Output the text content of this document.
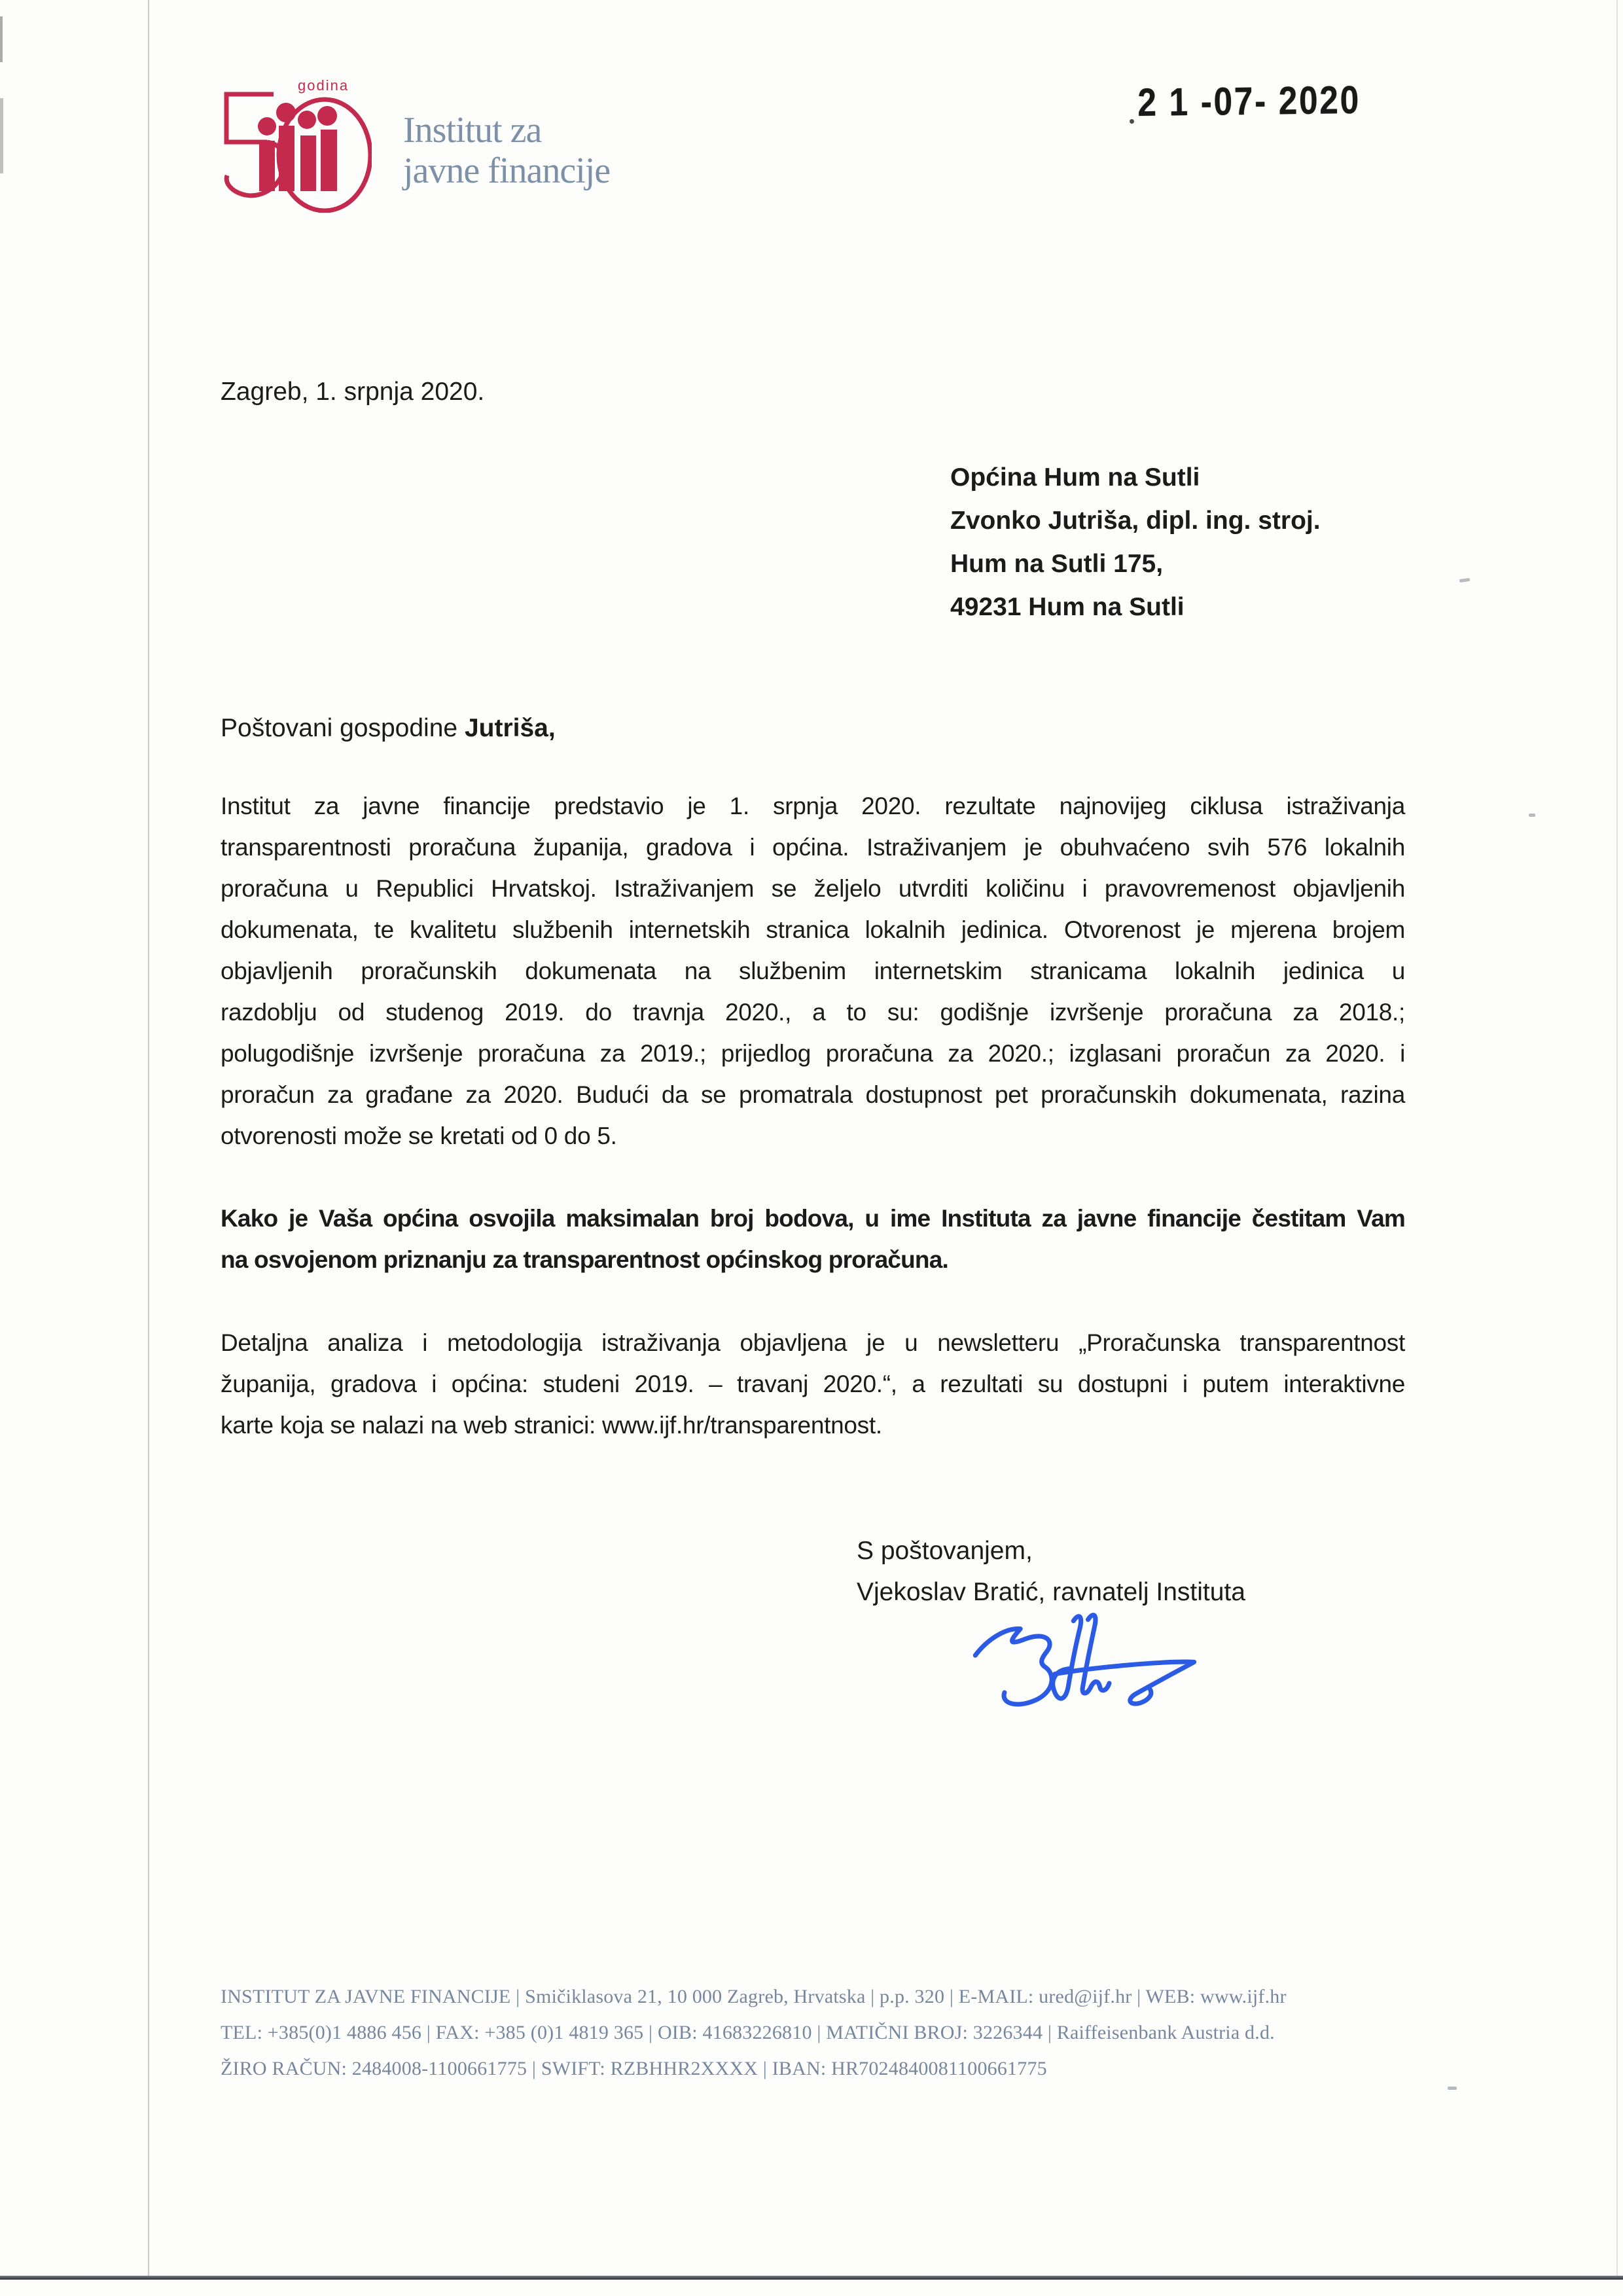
godina
Institut za
javne financije
2 1 -07- 2020
Zagreb, 1. srpnja 2020.
Općina Hum na Sutli
Zvonko Jutriša, dipl. ing. stroj.
Hum na Sutli 175,
49231 Hum na Sutli
Poštovani gospodine Jutriša,
Institut za javne financije predstavio je 1. srpnja 2020. rezultate najnovijeg ciklusa istraživanja
transparentnosti proračuna županija, gradova i općina. Istraživanjem je obuhvaćeno svih 576 lokalnih
proračuna u Republici Hrvatskoj. Istraživanjem se željelo utvrditi količinu i pravovremenost objavljenih
dokumenata, te kvalitetu službenih internetskih stranica lokalnih jedinica. Otvorenost je mjerena brojem
objavljenih proračunskih dokumenata na službenim internetskim stranicama lokalnih jedinica u
razdoblju od studenog 2019. do travnja 2020., a to su: godišnje izvršenje proračuna za 2018.;
polugodišnje izvršenje proračuna za 2019.; prijedlog proračuna za 2020.; izglasani proračun za 2020. i
proračun za građane za 2020. Budući da se promatrala dostupnost pet proračunskih dokumenata, razina
otvorenosti može se kretati od 0 do 5.
Kako je Vaša općina osvojila maksimalan broj bodova, u ime Instituta za javne financije čestitam Vam
na osvojenom priznanju za transparentnost općinskog proračuna.
Detaljna analiza i metodologija istraživanja objavljena je u newsletteru „Proračunska transparentnost
županija, gradova i općina: studeni 2019. – travanj 2020.“, a rezultati su dostupni i putem interaktivne
karte koja se nalazi na web stranici: www.ijf.hr/transparentnost.
S poštovanjem,
Vjekoslav Bratić, ravnatelj Instituta
INSTITUT ZA JAVNE FINANCIJE | Smičiklasova 21, 10 000 Zagreb, Hrvatska | p.p. 320 | E-MAIL: ured@ijf.hr | WEB: www.ijf.hr
TEL: +385(0)1 4886 456 | FAX: +385 (0)1 4819 365 | OIB: 41683226810 | MATIČNI BROJ: 3226344 | Raiffeisenbank Austria d.d.
ŽIRO RAČUN: 2484008-1100661775 | SWIFT: RZBHHR2XXXX | IBAN: HR7024840081100661775
